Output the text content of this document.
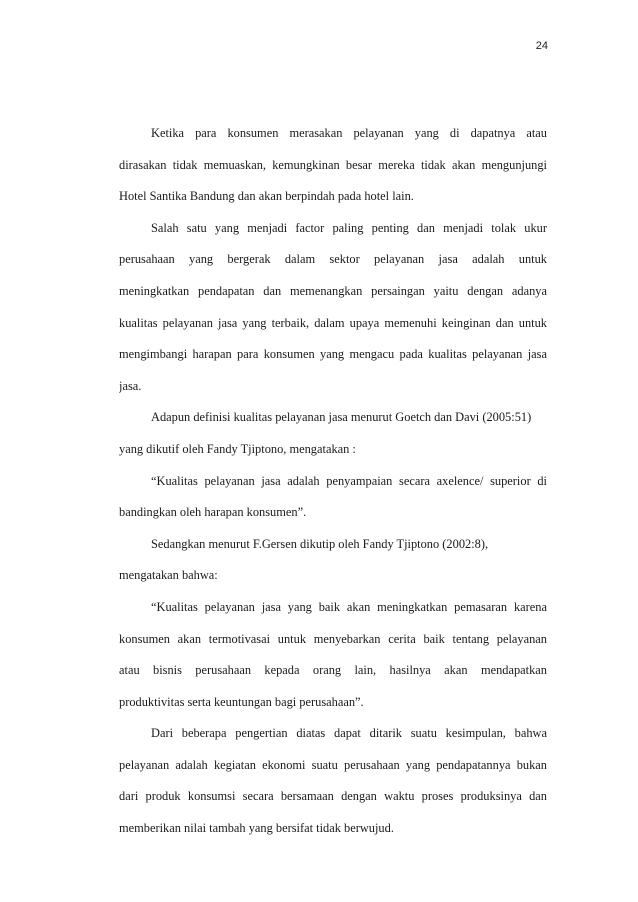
24
Ketika para konsumen merasakan pelayanan yang di dapatnya atau
dirasakan tidak memuaskan, kemungkinan besar mereka tidak akan mengunjungi
Hotel Santika Bandung dan akan berpindah pada hotel lain.
Salah satu yang menjadi factor paling penting dan menjadi tolak ukur
perusahaan yang bergerak dalam sektor pelayanan jasa adalah untuk
meningkatkan pendapatan dan memenangkan persaingan yaitu dengan adanya
kualitas pelayanan jasa yang terbaik, dalam upaya memenuhi keinginan dan untuk
mengimbangi harapan para konsumen yang mengacu pada kualitas pelayanan jasa
jasa.
Adapun definisi kualitas pelayanan jasa menurut Goetch dan Davi (2005:51)
yang dikutif oleh Fandy Tjiptono, mengatakan :
“Kualitas pelayanan jasa adalah penyampaian secara axelence/ superior di
bandingkan oleh harapan konsumen”.
Sedangkan menurut F.Gersen dikutip oleh Fandy Tjiptono (2002:8),
mengatakan bahwa:
“Kualitas pelayanan jasa yang baik akan meningkatkan pemasaran karena
konsumen akan termotivasai untuk menyebarkan cerita baik tentang pelayanan
atau bisnis perusahaan kepada orang lain, hasilnya akan mendapatkan
produktivitas serta keuntungan bagi perusahaan”.
Dari beberapa pengertian diatas dapat ditarik suatu kesimpulan, bahwa
pelayanan adalah kegiatan ekonomi suatu perusahaan yang pendapatannya bukan
dari produk konsumsi secara bersamaan dengan waktu proses produksinya dan
memberikan nilai tambah yang bersifat tidak berwujud.
